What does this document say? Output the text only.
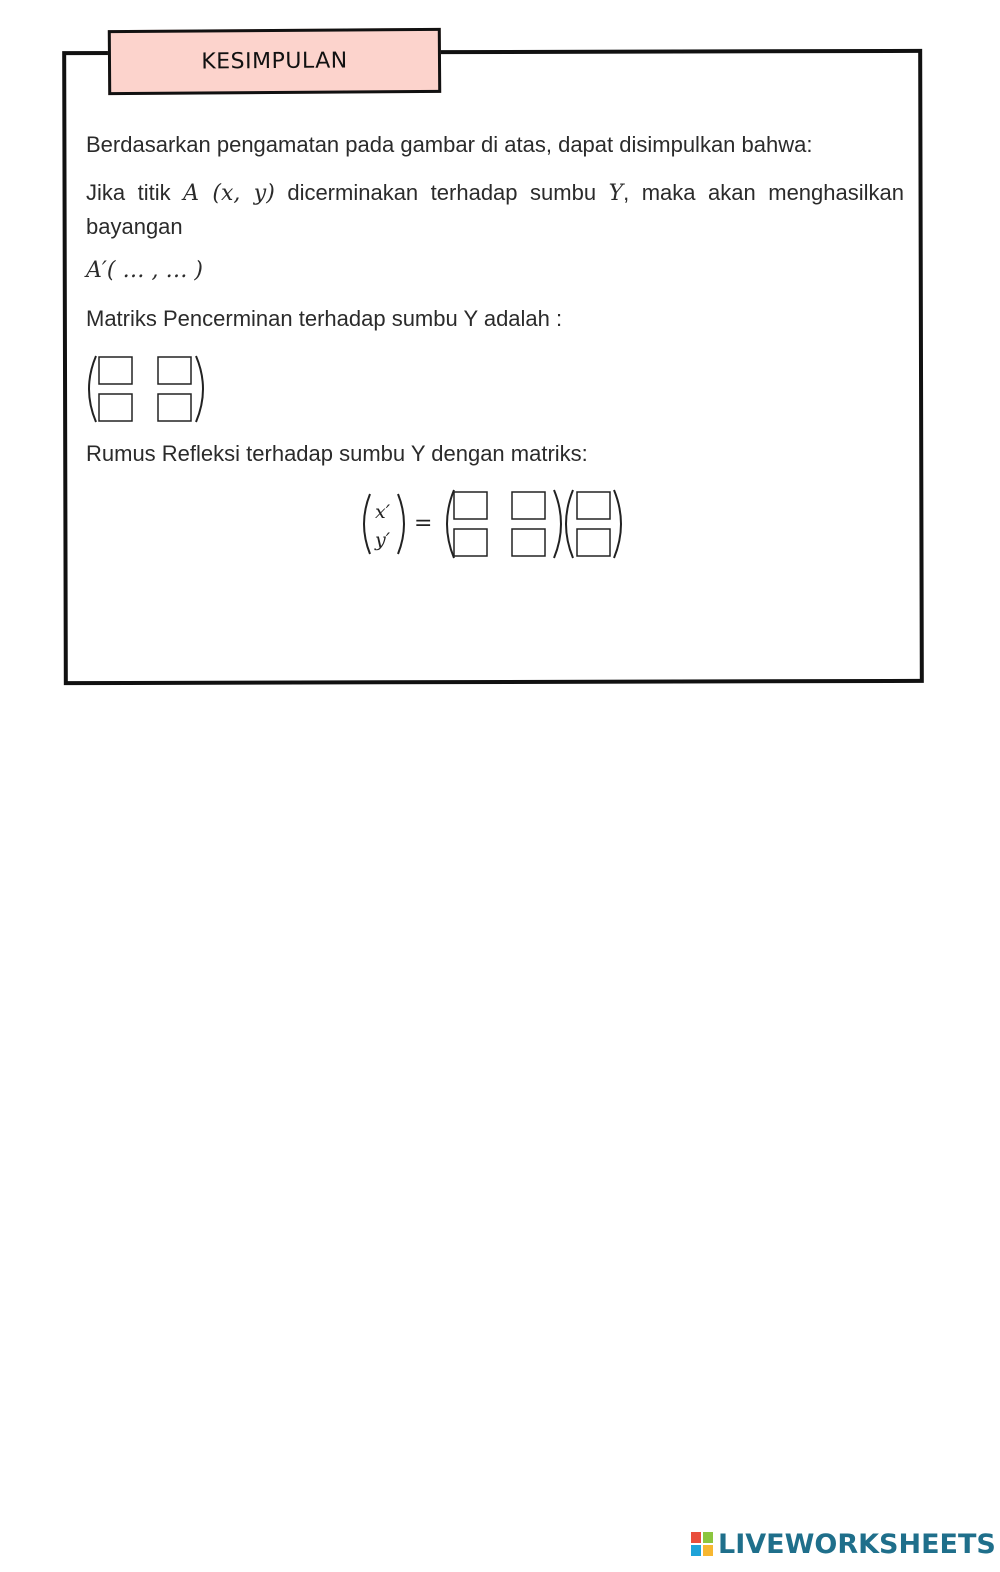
KESIMPULAN
Berdasarkan pengamatan pada gambar di atas, dapat disimpulkan bahwa:
Jika titik A (x, y) dicerminakan terhadap sumbu Y, maka akan menghasilkan bayangan
A′( … , … )
Matriks Pencerminan terhadap sumbu Y adalah :
Rumus Refleksi terhadap sumbu Y dengan matriks:
x′
y′
=
LIVEWORKSHEETS
